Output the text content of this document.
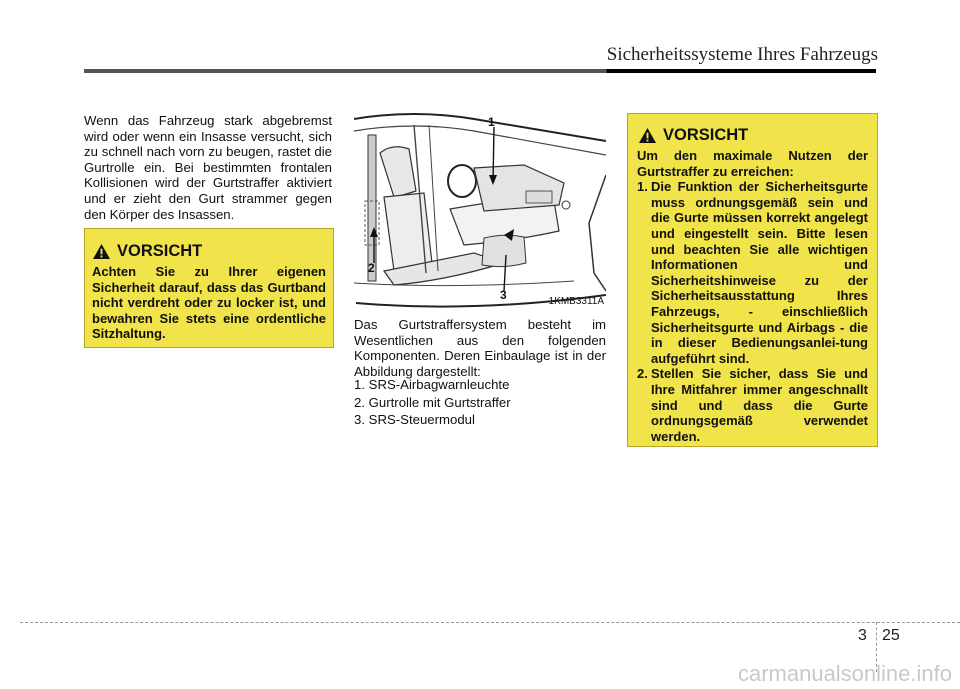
Sicherheitssysteme Ihres Fahrzeugs
Wenn das Fahrzeug stark abgebremst wird oder wenn ein Insasse versucht, sich zu schnell nach vorn zu beugen, rastet die Gurtrolle ein. Bei bestimmten frontalen Kollisionen wird der Gurtstraffer aktiviert und er zieht den Gurt strammer gegen den Körper des Insassen.
VORSICHT
Achten Sie zu Ihrer eigenen Sicherheit darauf, dass das Gurtband nicht verdreht oder zu locker ist, und bewahren Sie stets eine ordentliche Sitzhaltung.
1
2
3	1KMB3311A
Das Gurtstraffersystem besteht im Wesentlichen aus den folgenden Komponenten. Deren Einbaulage ist in der Abbildung dargestellt:
1. SRS-Airbagwarnleuchte
2. Gurtrolle mit Gurtstraffer
3. SRS-Steuermodul
VORSICHT
Um den maximale Nutzen der Gurtstraffer zu erreichen:
1. Die Funktion der Sicherheitsgurte muss ordnungsgemäß sein und die Gurte müssen korrekt angelegt und eingestellt sein. Bitte lesen und beachten Sie alle wichtigen Informationen und Sicherheitshinweise zu der Sicherheitsausstattung Ihres Fahrzeugs, - einschließlich Sicherheitsgurte und Airbags - die in dieser Bedienungsanlei-tung aufgeführt sind.
2. Stellen Sie sicher, dass Sie und Ihre Mitfahrer immer angeschnallt sind und dass die Gurte ordnungsgemäß verwendet werden.
3 25
carmanualsonline.info
